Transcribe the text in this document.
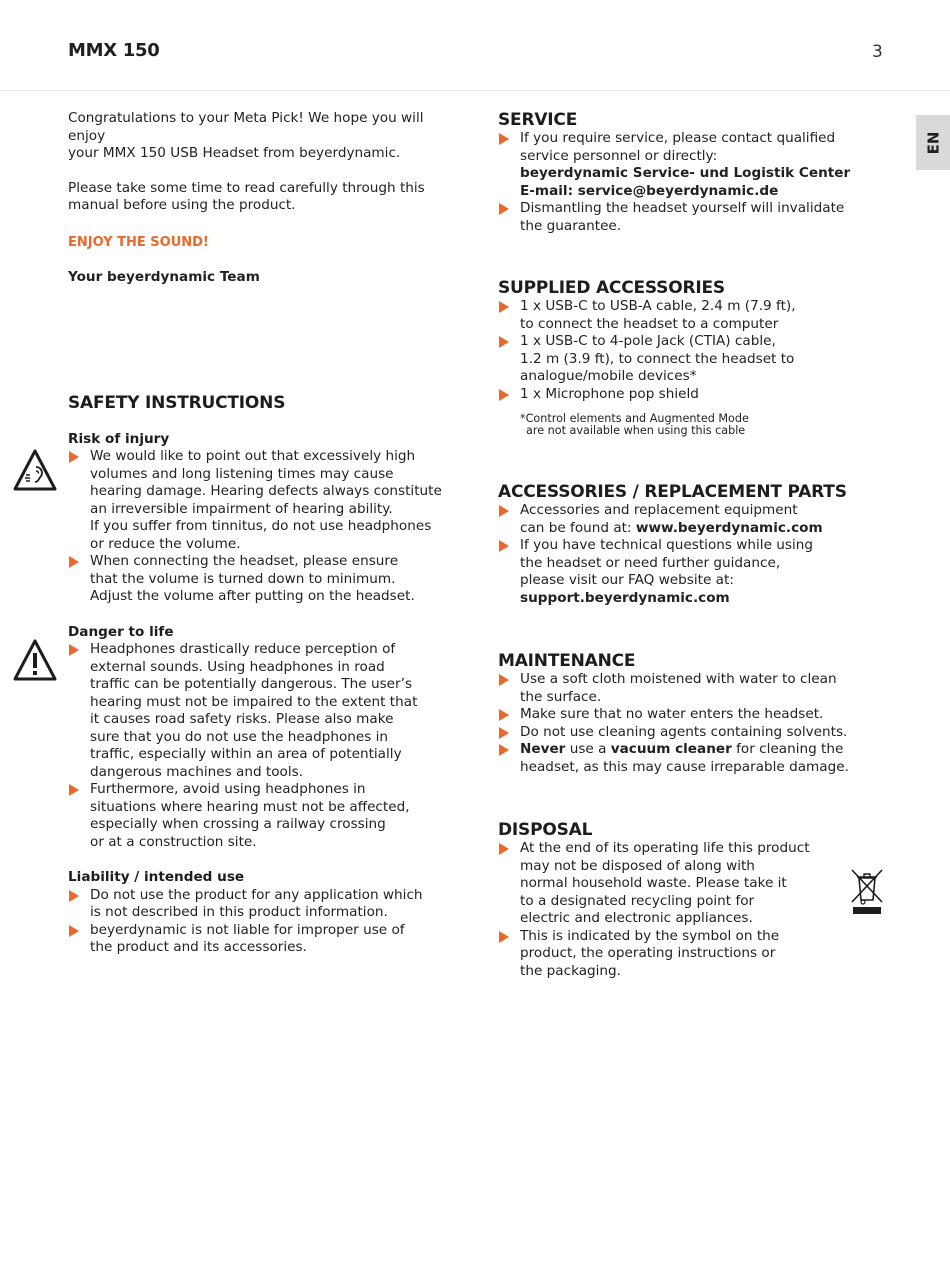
MMX 150	3
EN

Congratulations to your Meta Pick! We hope you will enjoy
your MMX 150 USB Headset from beyerdynamic.

Please take some time to read carefully through this
manual before using the product.

ENJOY THE SOUND!

Your beyerdynamic Team

SAFETY INSTRUCTIONS
Risk of injury
We would like to point out that excessively high
volumes and long listening times may cause
hearing damage. Hearing defects always constitute
an irreversible impairment of hearing ability.
If you suffer from tinnitus, do not use headphones
or reduce the volume.
When connecting the headset, please ensure
that the volume is turned down to minimum.
Adjust the volume after putting on the headset.
Danger to life
Headphones drastically reduce perception of
external sounds. Using headphones in road
traffic can be potentially dangerous. The user’s
hearing must not be impaired to the extent that
it causes road safety risks. Please also make
sure that you do not use the headphones in
traffic, especially within an area of potentially
dangerous machines and tools.
Furthermore, avoid using headphones in
situations where hearing must not be affected,
especially when crossing a railway crossing
or at a construction site.
Liability / intended use
Do not use the product for any application which
is not described in this product information.
beyerdynamic is not liable for improper use of
the product and its accessories.
SERVICE
If you require service, please contact qualified
service personnel or directly:
beyerdynamic Service- und Logistik Center
E-mail: service@beyerdynamic.de
Dismantling the headset yourself will invalidate
the guarantee.
SUPPLIED ACCESSORIES
1 x USB-C to USB-A cable, 2.4 m (7.9 ft),
to connect the headset to a computer
1 x USB-C to 4-pole Jack (CTIA) cable,
1.2 m (3.9 ft), to connect the headset to
analogue/mobile devices*
1 x Microphone pop shield

*Control elements and Augmented Mode
are not available when using this cable

ACCESSORIES / REPLACEMENT PARTS
Accessories and replacement equipment
can be found at: www.beyerdynamic.com
If you have technical questions while using
the headset or need further guidance,
please visit our FAQ website at:
support.beyerdynamic.com
MAINTENANCE
Use a soft cloth moistened with water to clean
the surface.
Make sure that no water enters the headset.
Do not use cleaning agents containing solvents.
Never use a vacuum cleaner for cleaning the
headset, as this may cause irreparable damage.
DISPOSAL
At the end of its operating life this product
may not be disposed of along with
normal household waste. Please take it
to a designated recycling point for
electric and electronic appliances.
This is indicated by the symbol on the
product, the operating instructions or
the packaging.
